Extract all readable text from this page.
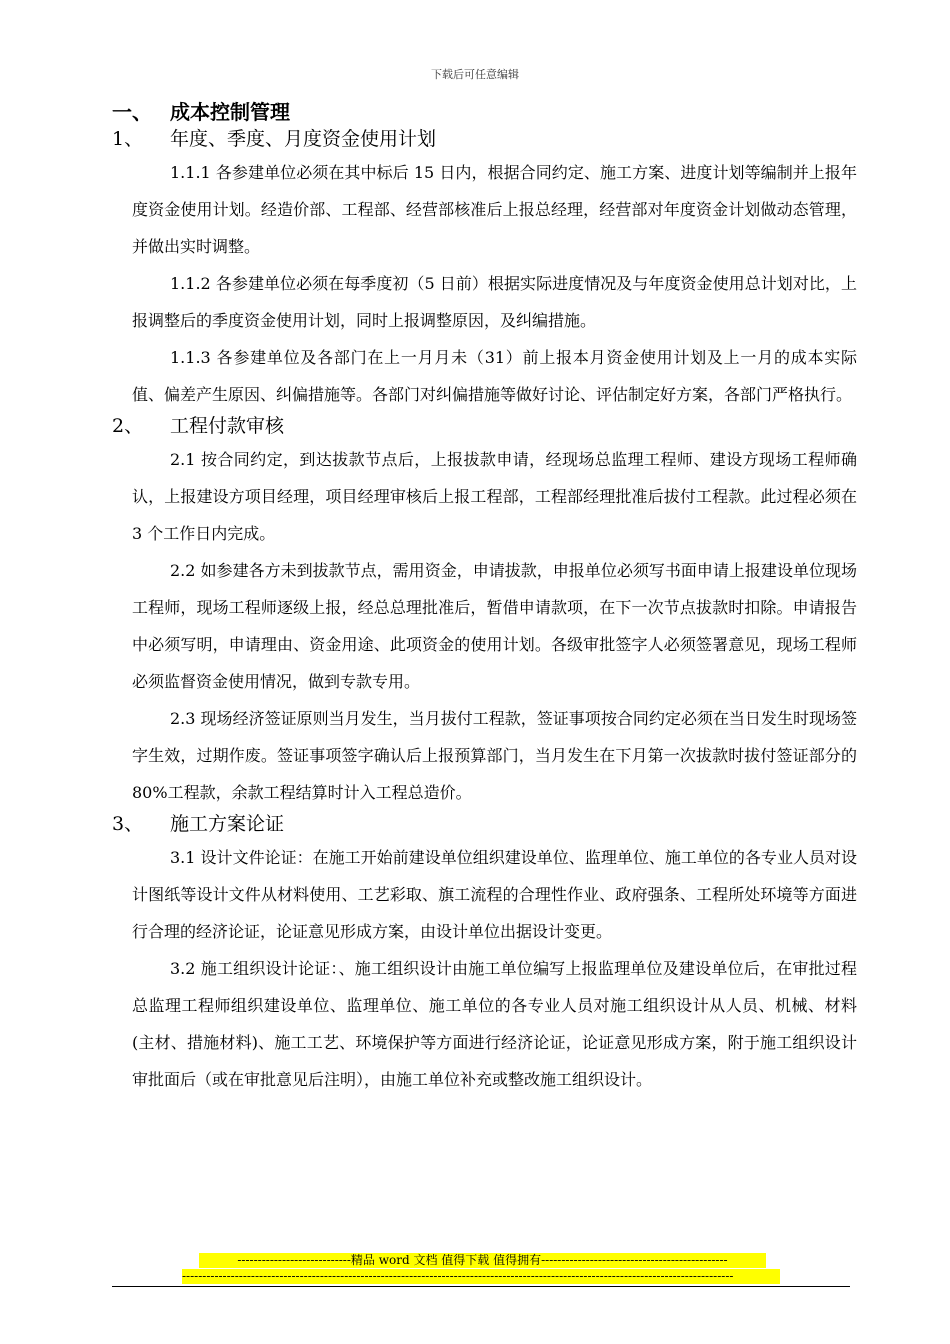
下载后可任意编辑
一、 成本控制管理
1、 年度、季度、月度资金使用计划

1.1.1 各参建单位必须在其中标后 15 日内，根据合同约定、施工方案、进度计划等编制并上报年度资金使用计划。经造价部、工程部、经营部核准后上报总经理，经营部对年度资金计划做动态管理，并做出实时调整。

1.1.2 各参建单位必须在每季度初（5 日前）根据实际进度情况及与年度资金使用总计划对比，上报调整后的季度资金使用计划，同时上报调整原因，及纠编措施。

1.1.3 各参建单位及各部门在上一月月未（31）前上报本月资金使用计划及上一月的成本实际值、偏差产生原因、纠偏措施等。各部门对纠偏措施等做好讨论、评估制定好方案，各部门严格执行。

2、 工程付款审核

2.1 按合同约定，到达拔款节点后，上报拔款申请，经现场总监理工程师、建设方现场工程师确认，上报建设方项目经理，项目经理审核后上报工程部，工程部经理批准后拔付工程款。此过程必须在 3 个工作日内完成。

2.2 如参建各方未到拔款节点，需用资金，申请拔款，申报单位必须写书面申请上报建设单位现场工程师，现场工程师逐级上报，经总总理批准后，暂借申请款项，在下一次节点拔款时扣除。申请报告中必须写明，申请理由、资金用途、此项资金的使用计划。各级审批签字人必须签署意见，现场工程师必须监督资金使用情况，做到专款专用。

2.3 现场经济签证原则当月发生，当月拔付工程款，签证事项按合同约定必须在当日发生时现场签字生效，过期作废。签证事项签字确认后上报预算部门，当月发生在下月第一次拔款时拔付签证部分的 80%工程款，余款工程结算时计入工程总造价。

3、 施工方案论证

3.1 设计文件论证：在施工开始前建设单位组织建设单位、监理单位、施工单位的各专业人员对设计图纸等设计文件从材料使用、工艺彩取、旗工流程的合理性作业、政府强条、工程所处环境等方面进行合理的经济论证，论证意见形成方案，由设计单位出据设计变更。

3.2 施工组织设计论证：、施工组织设计由施工单位编写上报监理单位及建设单位后，在审批过程总监理工程师组织建设单位、监理单位、施工单位的各专业人员对施工组织设计从人员、机械、材料(主材、措施材料)、施工工艺、环境保护等方面进行经济论证，论证意见形成方案，附于施工组织设计审批面后（或在审批意见后注明），由施工单位补充或整改施工组织设计。

----------------------------精品 word 文档 值得下载 值得拥有----------------------------------------------
----------------------------------------------------------------------------------------------------------------------------------------
